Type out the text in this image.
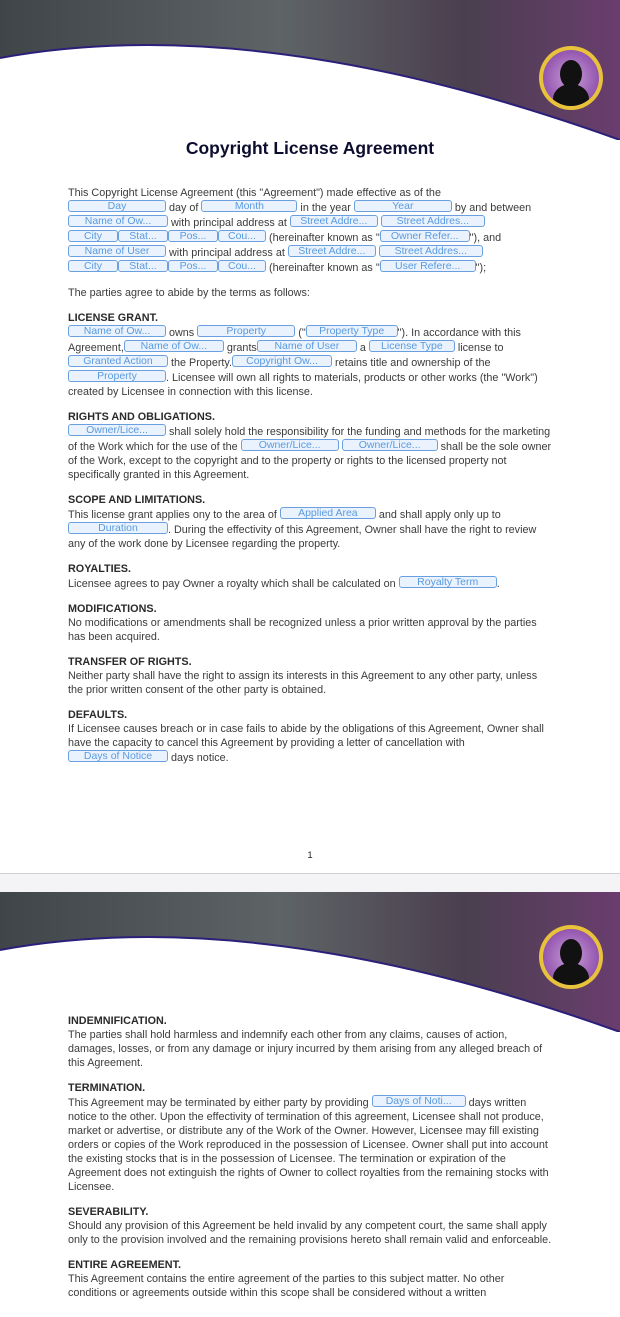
Copyright License Agreement

This Copyright License Agreement (this "Agreement") made effective as of the
Day	day of	Month	in the year	Year	by and between
Name of Ow... with principal address at Street Addre...	Street Addres...
City	Stat... Pos... Cou... (hereinafter known as " Owner Refer... "), and
Name of User with principal address at Street Addre...	Street Addres...
City	Stat... Pos... Cou... (hereinafter known as " User Refere... ");

The parties agree to abide by the terms as follows:

LICENSE GRANT.
Name of Ow... owns	Property	(" Property Type "). In accordance with this
Agreement, Name of Ow... grants Name of User a License Type license to
Granted Action the Property. Copyright Ow... retains title and ownership of the
Property	. Licensee will own all rights to materials, products or other works (the "Work") created by Licensee in connection with this license.

RIGHTS AND OBLIGATIONS.
Owner/Lice... shall solely hold the responsibility for the funding and methods for the marketing of the Work which for the use of the Owner/Lice...	Owner/Lice... shall be the sole owner of the Work, except to the copyright and to the property or rights to the licensed property not specifically granted in this Agreement.

SCOPE AND LIMITATIONS.
This license grant applies ony to the area of Applied Area and shall apply only up to Duration	. During the effectivity of this Agreement, Owner shall have the right to review any of the work done by Licensee regarding the property.

ROYALTIES.
Licensee agrees to pay Owner a royalty which shall be calculated on Royalty Term .

MODIFICATIONS.
No modifications or amendments shall be recognized unless a prior written approval by the parties has been acquired.

TRANSFER OF RIGHTS.
Neither party shall have the right to assign its interests in this Agreement to any other party, unless the prior written consent of the other party is obtained.

DEFAULTS.
If Licensee causes breach or in case fails to abide by the obligations of this Agreement, Owner shall have the capacity to cancel this Agreement by providing a letter of cancellation with Days of Notice days notice.

1

INDEMNIFICATION.
The parties shall hold harmless and indemnify each other from any claims, causes of action, damages, losses, or from any damage or injury incurred by them arising from any alleged breach of this Agreement.

TERMINATION.
This Agreement may be terminated by either party by providing Days of Noti... days written notice to the other. Upon the effectivity of termination of this agreement, Licensee shall not produce, market or advertise, or distribute any of the Work of the Owner. However, Licensee may fill existing orders or copies of the Work reproduced in the possession of Licensee. Owner shall put into account the existing stocks that is in the possession of Licensee. The termination or expiration of the Agreement does not extinguish the rights of Owner to collect royalties from the remaining stocks with Licensee.

SEVERABILITY.
Should any provision of this Agreement be held invalid by any competent court, the same shall apply only to the provision involved and the remaining provisions hereto shall remain valid and enforceable.

ENTIRE AGREEMENT.
This Agreement contains the entire agreement of the parties to this subject matter. No other conditions or agreements outside within this scope shall be considered without a written
